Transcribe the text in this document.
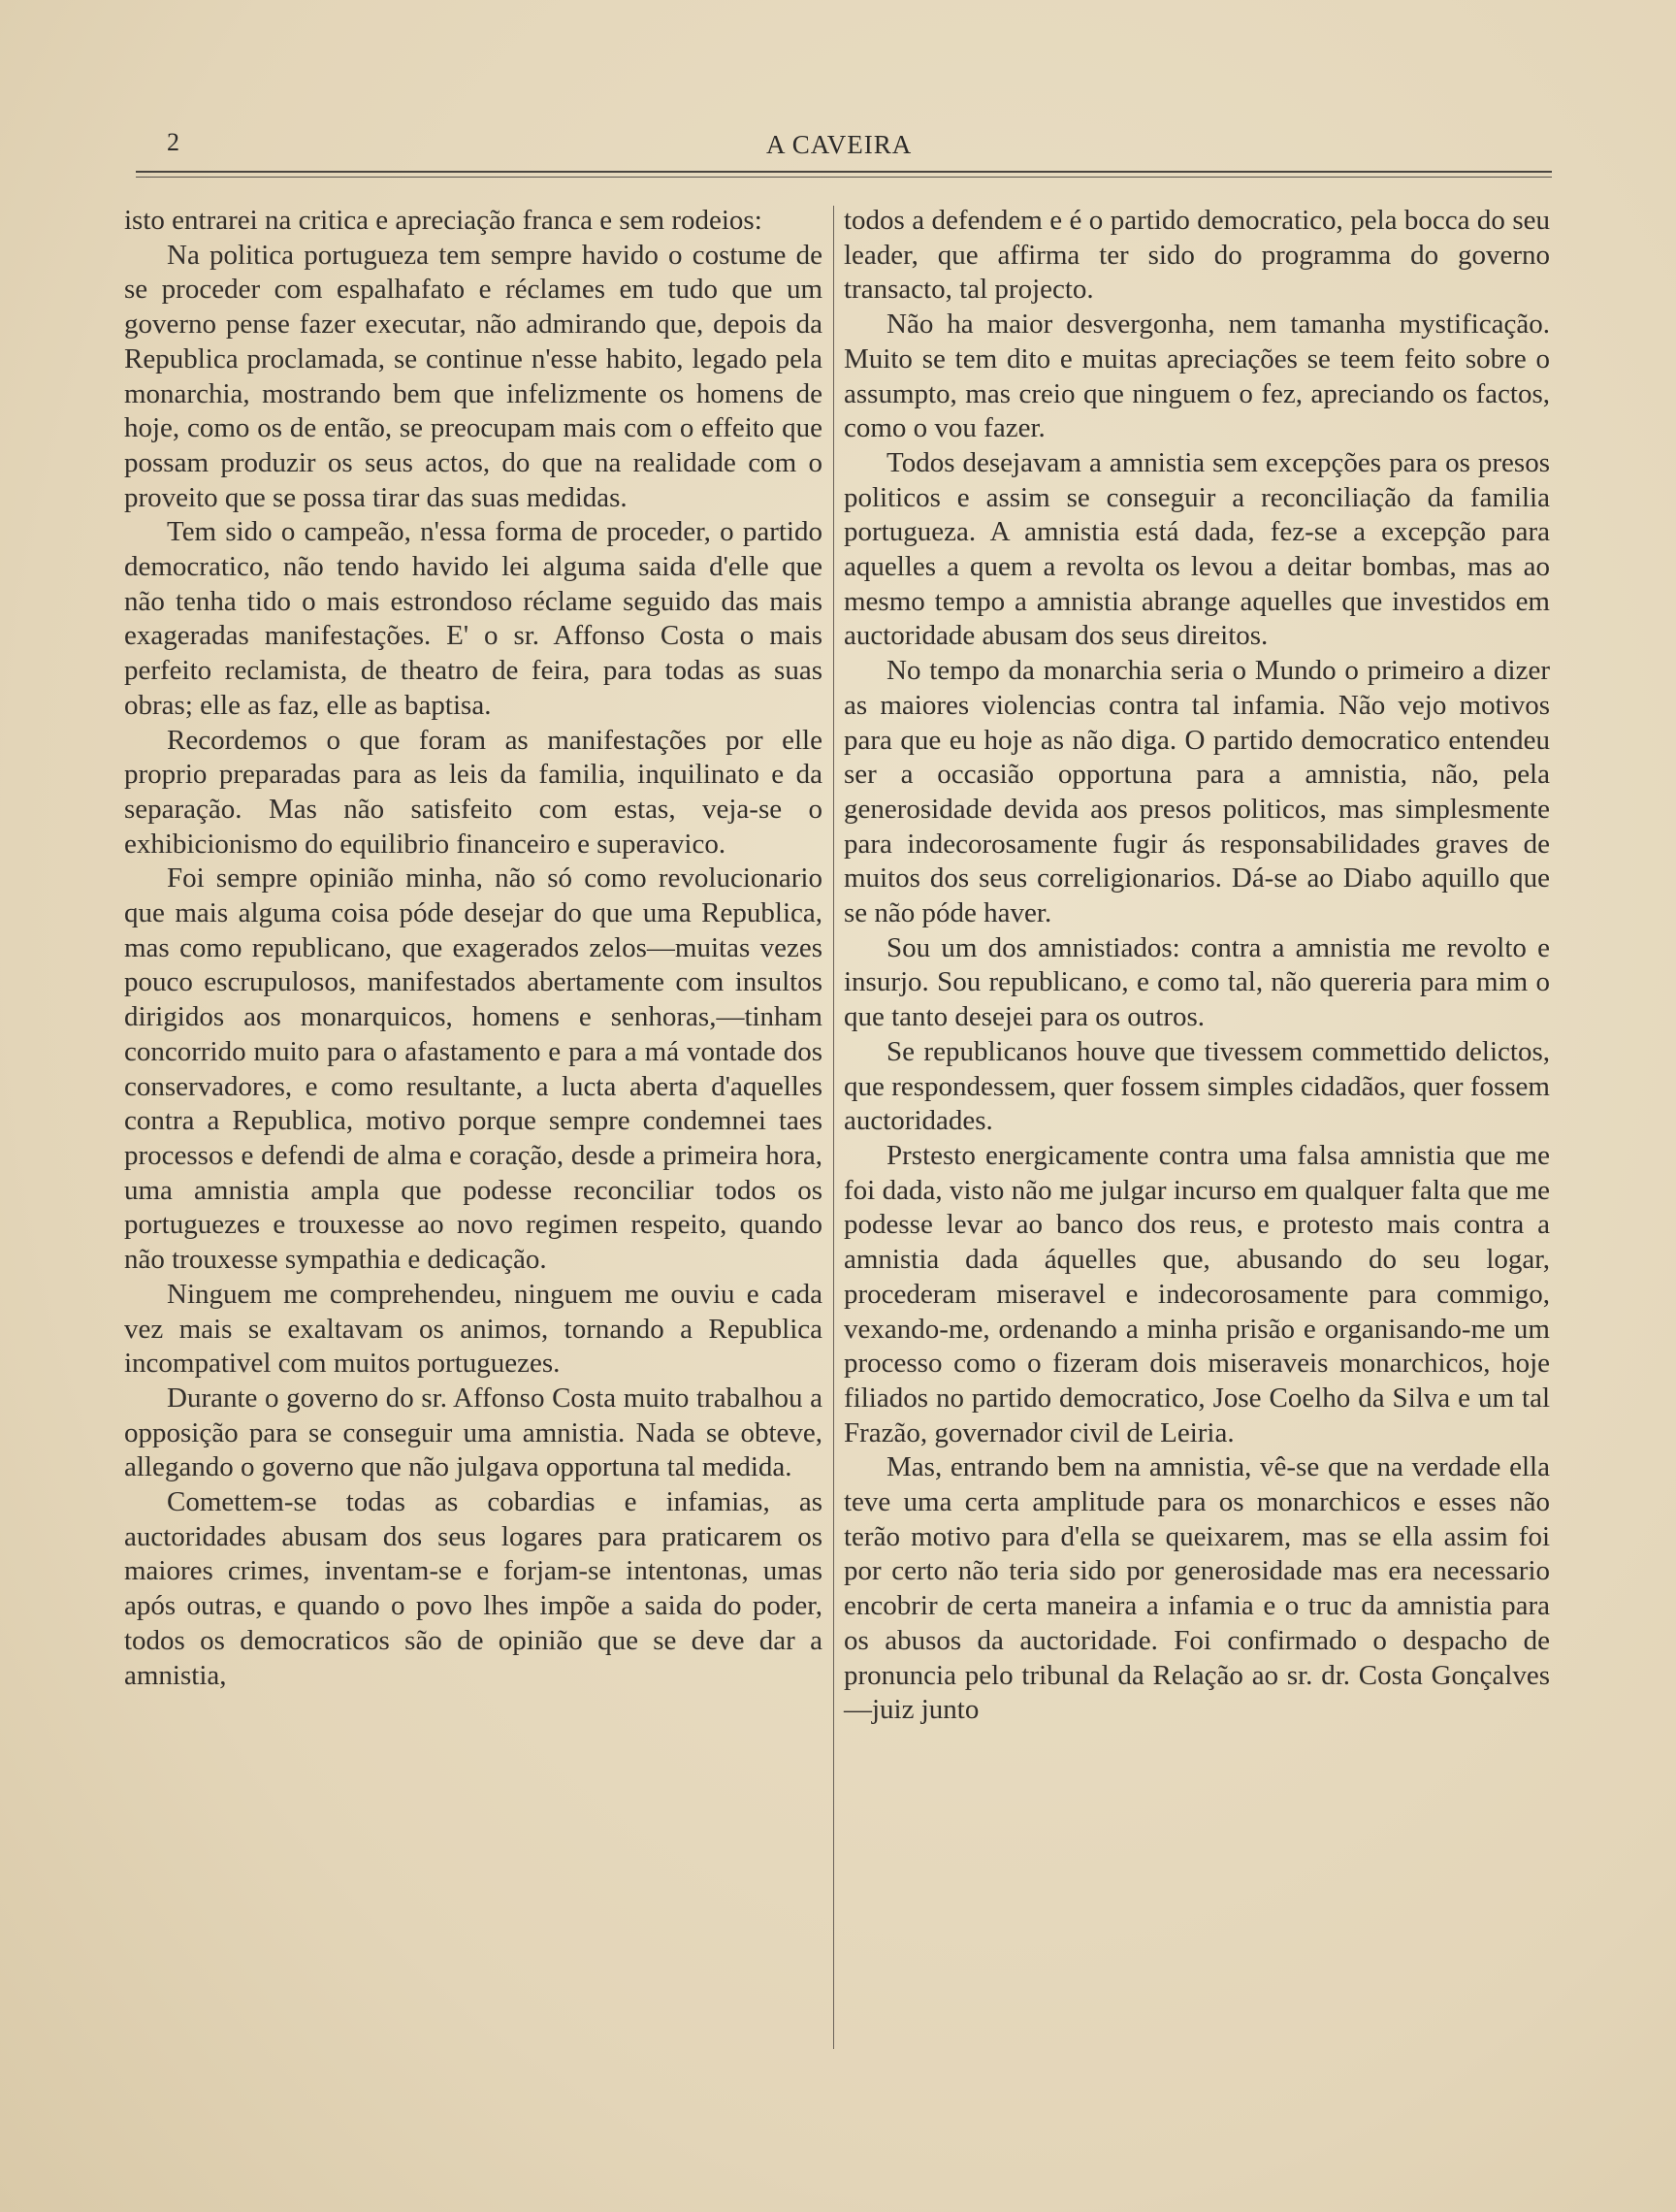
2	A CAVEIRA

isto entrarei na critica e apreciação franca e sem rodeios:

Na politica portugueza tem sempre havido o costume de se proceder com espalhafato e réclames em tudo que um governo pense fazer executar, não admirando que, depois da Republica proclamada, se continue n'esse habito, legado pela monarchia, mostrando bem que infelizmente os homens de hoje, como os de então, se preocupam mais com o effeito que possam produzir os seus actos, do que na realidade com o proveito que se possa tirar das suas medidas.

Tem sido o campeão, n'essa forma de proceder, o partido democratico, não tendo havido lei alguma saida d'elle que não tenha tido o mais estrondoso réclame seguido das mais exageradas manifestações. E' o sr. Affonso Costa o mais perfeito reclamista, de theatro de feira, para todas as suas obras; elle as faz, elle as baptisa.

Recordemos o que foram as manifestações por elle proprio preparadas para as leis da familia, inquilinato e da separação. Mas não satisfeito com estas, veja-se o exhibicionismo do equilibrio financeiro e superavico.

Foi sempre opinião minha, não só como revolucionario que mais alguma coisa póde desejar do que uma Republica, mas como republicano, que exagerados zelos—muitas vezes pouco escrupulosos, manifestados abertamente com insultos dirigidos aos monarquicos, homens e senhoras,—tinham concorrido muito para o afastamento e para a má vontade dos conservadores, e como resultante, a lucta aberta d'aquelles contra a Republica, motivo porque sempre condemnei taes processos e defendi de alma e coração, desde a primeira hora, uma amnistia ampla que podesse reconciliar todos os portuguezes e trouxesse ao novo regimen respeito, quando não trouxesse sympathia e dedicação.

Ninguem me comprehendeu, ninguem me ouviu e cada vez mais se exaltavam os animos, tornando a Republica incompativel com muitos portuguezes.

Durante o governo do sr. Affonso Costa muito trabalhou a opposição para se conseguir uma amnistia. Nada se obteve, allegando o governo que não julgava opportuna tal medida.

Comettem-se todas as cobardias e infamias, as auctoridades abusam dos seus logares para praticarem os maiores crimes, inventam-se e forjam-se intentonas, umas após outras, e quando o povo lhes impõe a saida do poder, todos os democraticos são de opinião que se deve dar a amnistia,

todos a defendem e é o partido democratico, pela bocca do seu leader, que affirma ter sido do programma do governo transacto, tal projecto.

Não ha maior desvergonha, nem tamanha mystificação. Muito se tem dito e muitas apreciações se teem feito sobre o assumpto, mas creio que ninguem o fez, apreciando os factos, como o vou fazer.

Todos desejavam a amnistia sem excepções para os presos politicos e assim se conseguir a reconciliação da familia portugueza. A amnistia está dada, fez-se a excepção para aquelles a quem a revolta os levou a deitar bombas, mas ao mesmo tempo a amnistia abrange aquelles que investidos em auctoridade abusam dos seus direitos.

No tempo da monarchia seria o Mundo o primeiro a dizer as maiores violencias contra tal infamia. Não vejo motivos para que eu hoje as não diga. O partido democratico entendeu ser a occasião opportuna para a amnistia, não, pela generosidade devida aos presos politicos, mas simplesmente para indecorosamente fugir ás responsabilidades graves de muitos dos seus correligionarios. Dá-se ao Diabo aquillo que se não póde haver.

Sou um dos amnistiados: contra a amnistia me revolto e insurjo. Sou republicano, e como tal, não quereria para mim o que tanto desejei para os outros.

Se republicanos houve que tivessem commettido delictos, que respondessem, quer fossem simples cidadãos, quer fossem auctoridades.

Prstesto energicamente contra uma falsa amnistia que me foi dada, visto não me julgar incurso em qualquer falta que me podesse levar ao banco dos reus, e protesto mais contra a amnistia dada áquelles que, abusando do seu logar, procederam miseravel e indecorosamente para commigo, vexando-me, ordenando a minha prisão e organisando-me um processo como o fizeram dois miseraveis monarchicos, hoje filiados no partido democratico, Jose Coelho da Silva e um tal Frazão, governador civil de Leiria.

Mas, entrando bem na amnistia, vê-se que na verdade ella teve uma certa amplitude para os monarchicos e esses não terão motivo para d'ella se queixarem, mas se ella assim foi por certo não teria sido por generosidade mas era necessario encobrir de certa maneira a infamia e o truc da amnistia para os abusos da auctoridade. Foi confirmado o despacho de pronuncia pelo tribunal da Relação ao sr. dr. Costa Gonçalves—juiz junto
